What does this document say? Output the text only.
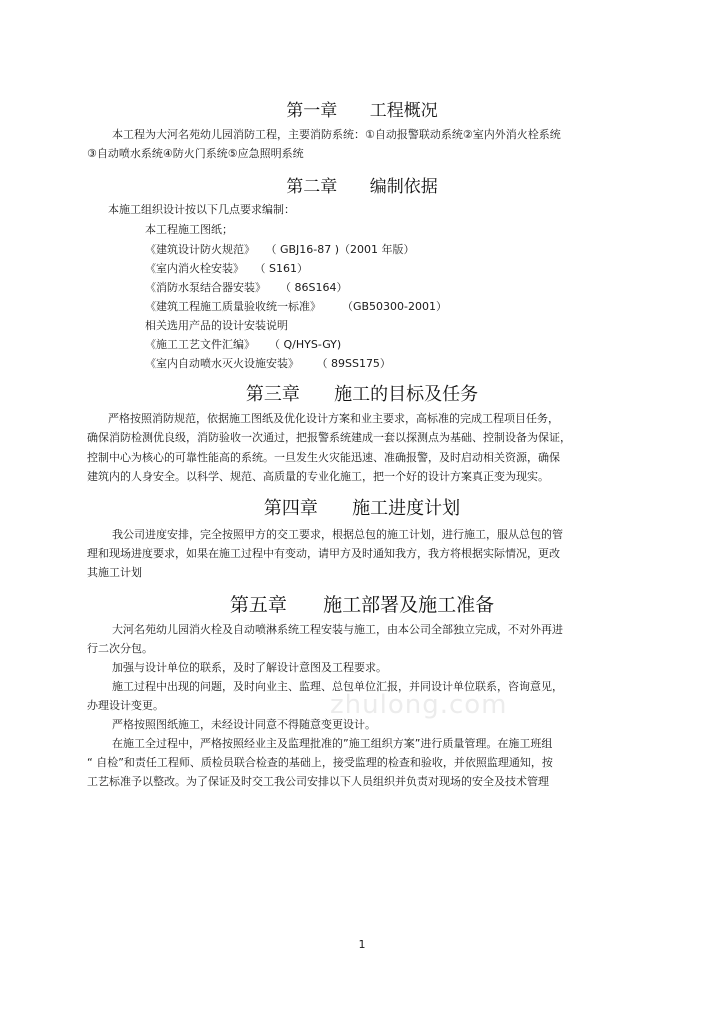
第一章      工程概况

本工程为大河名苑幼儿园消防工程，主要消防系统：①自动报警联动系统②室内外消火栓系统

③自动喷水系统④防火门系统⑤应急照明系统

第二章      编制依据

本施工组织设计按以下几点要求编制：

本工程施工图纸；

《建筑设计防火规范》   （ GBJ16-87 )（2001 年版）

《室内消火栓安装》   （ S161）

《消防水泵结合器安装》    （ 86S164）

《建筑工程施工质量验收统一标准》      （GB50300-2001）

相关选用产品的设计安装说明

《施工工艺文件汇编》    （ Q/HYS-GY)

《室内自动喷水灭火设施安装》     （ 89SS175）

第三章      施工的目标及任务

严格按照消防规范，依据施工图纸及优化设计方案和业主要求，高标准的完成工程项目任务，

确保消防检测优良级，消防验收一次通过，把报警系统建成一套以探测点为基础、控制设备为保证，

控制中心为核心的可靠性能高的系统。一旦发生火灾能迅速、准确报警，及时启动相关资源，确保

建筑内的人身安全。以科学、规范、高质量的专业化施工，把一个好的设计方案真正变为现实。

第四章      施工进度计划

我公司进度安排，完全按照甲方的交工要求，根据总包的施工计划，进行施工，服从总包的管

理和现场进度要求，如果在施工过程中有变动，请甲方及时通知我方，我方将根据实际情况，更改

其施工计划

第五章      施工部署及施工准备

大河名苑幼儿园消火栓及自动喷淋系统工程安装与施工，由本公司全部独立完成，不对外再进

行二次分包。

加强与设计单位的联系，及时了解设计意图及工程要求。

施工过程中出现的问题，及时向业主、监理、总包单位汇报，并同设计单位联系，咨询意见，

办理设计变更。

严格按照图纸施工，未经设计同意不得随意变更设计。

在施工全过程中，严格按照经业主及监理批准的”施工组织方案”进行质量管理。在施工班组

“ 自检”和责任工程师、质检员联合检查的基础上，接受监理的检查和验收，并依照监理通知，按

工艺标准予以整改。为了保证及时交工我公司安排以下人员组织并负责对现场的安全及技术管理

zhulong.com
1
